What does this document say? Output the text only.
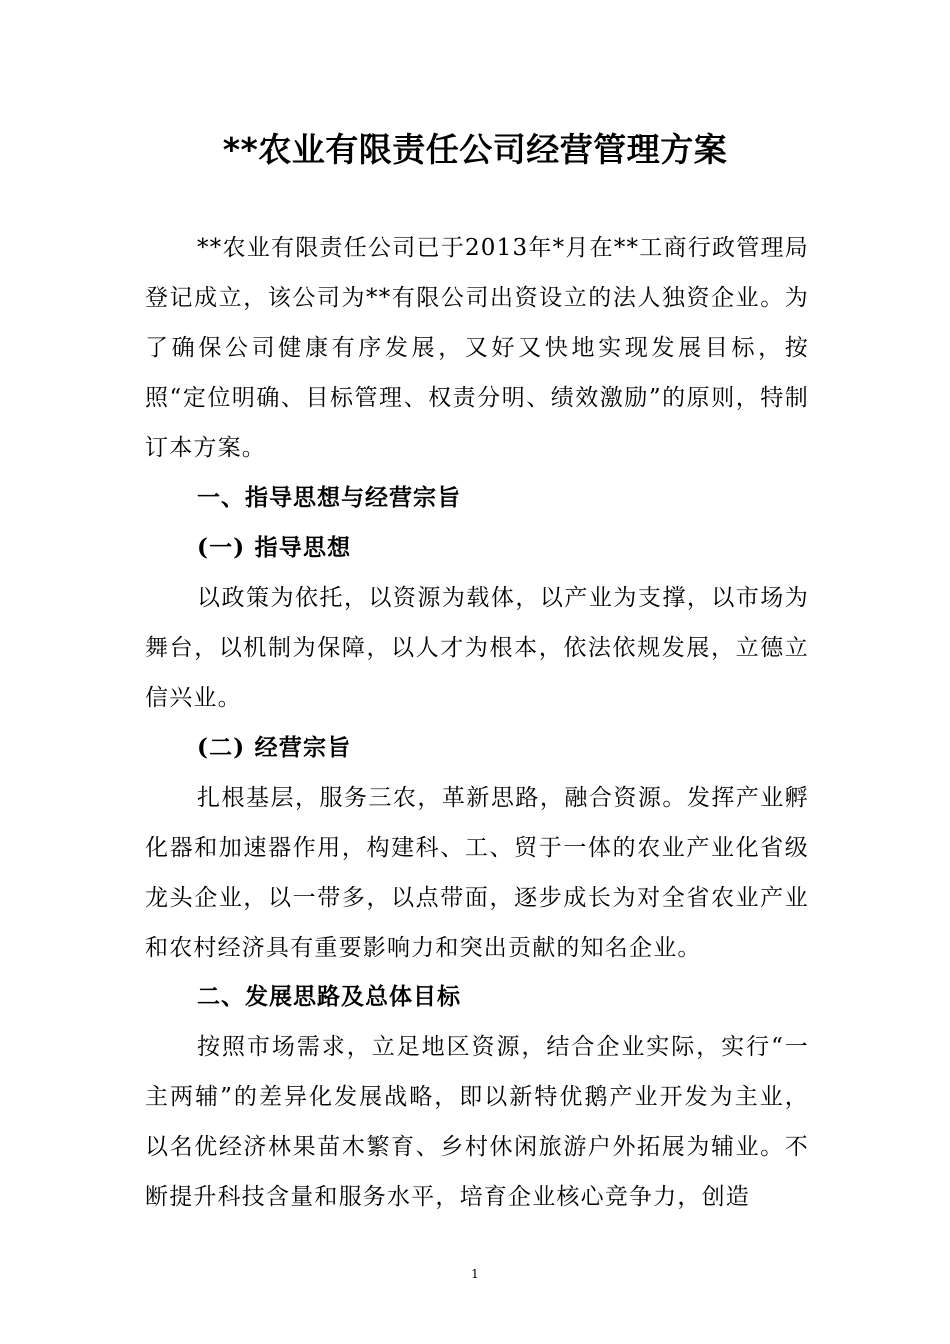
**农业有限责任公司经营管理方案

**农业有限责任公司已于2013年*月在**工商行政管理局登记成立，该公司为**有限公司出资设立的法人独资企业。为了确保公司健康有序发展，又好又快地实现发展目标，按照“定位明确、目标管理、权责分明、绩效激励”的原则，特制订本方案。

一、指导思想与经营宗旨
(一) 指导思想

以政策为依托，以资源为载体，以产业为支撑，以市场为舞台，以机制为保障，以人才为根本，依法依规发展，立德立信兴业。

(二) 经营宗旨

扎根基层，服务三农，革新思路，融合资源。发挥产业孵化器和加速器作用，构建科、工、贸于一体的农业产业化省级龙头企业，以一带多，以点带面，逐步成长为对全省农业产业和农村经济具有重要影响力和突出贡献的知名企业。

二、发展思路及总体目标

按照市场需求，立足地区资源，结合企业实际，实行“一主两辅”的差异化发展战略，即以新特优鹅产业开发为主业，以名优经济林果苗木繁育、乡村休闲旅游户外拓展为辅业。不断提升科技含量和服务水平，培育企业核心竞争力，创造

1
